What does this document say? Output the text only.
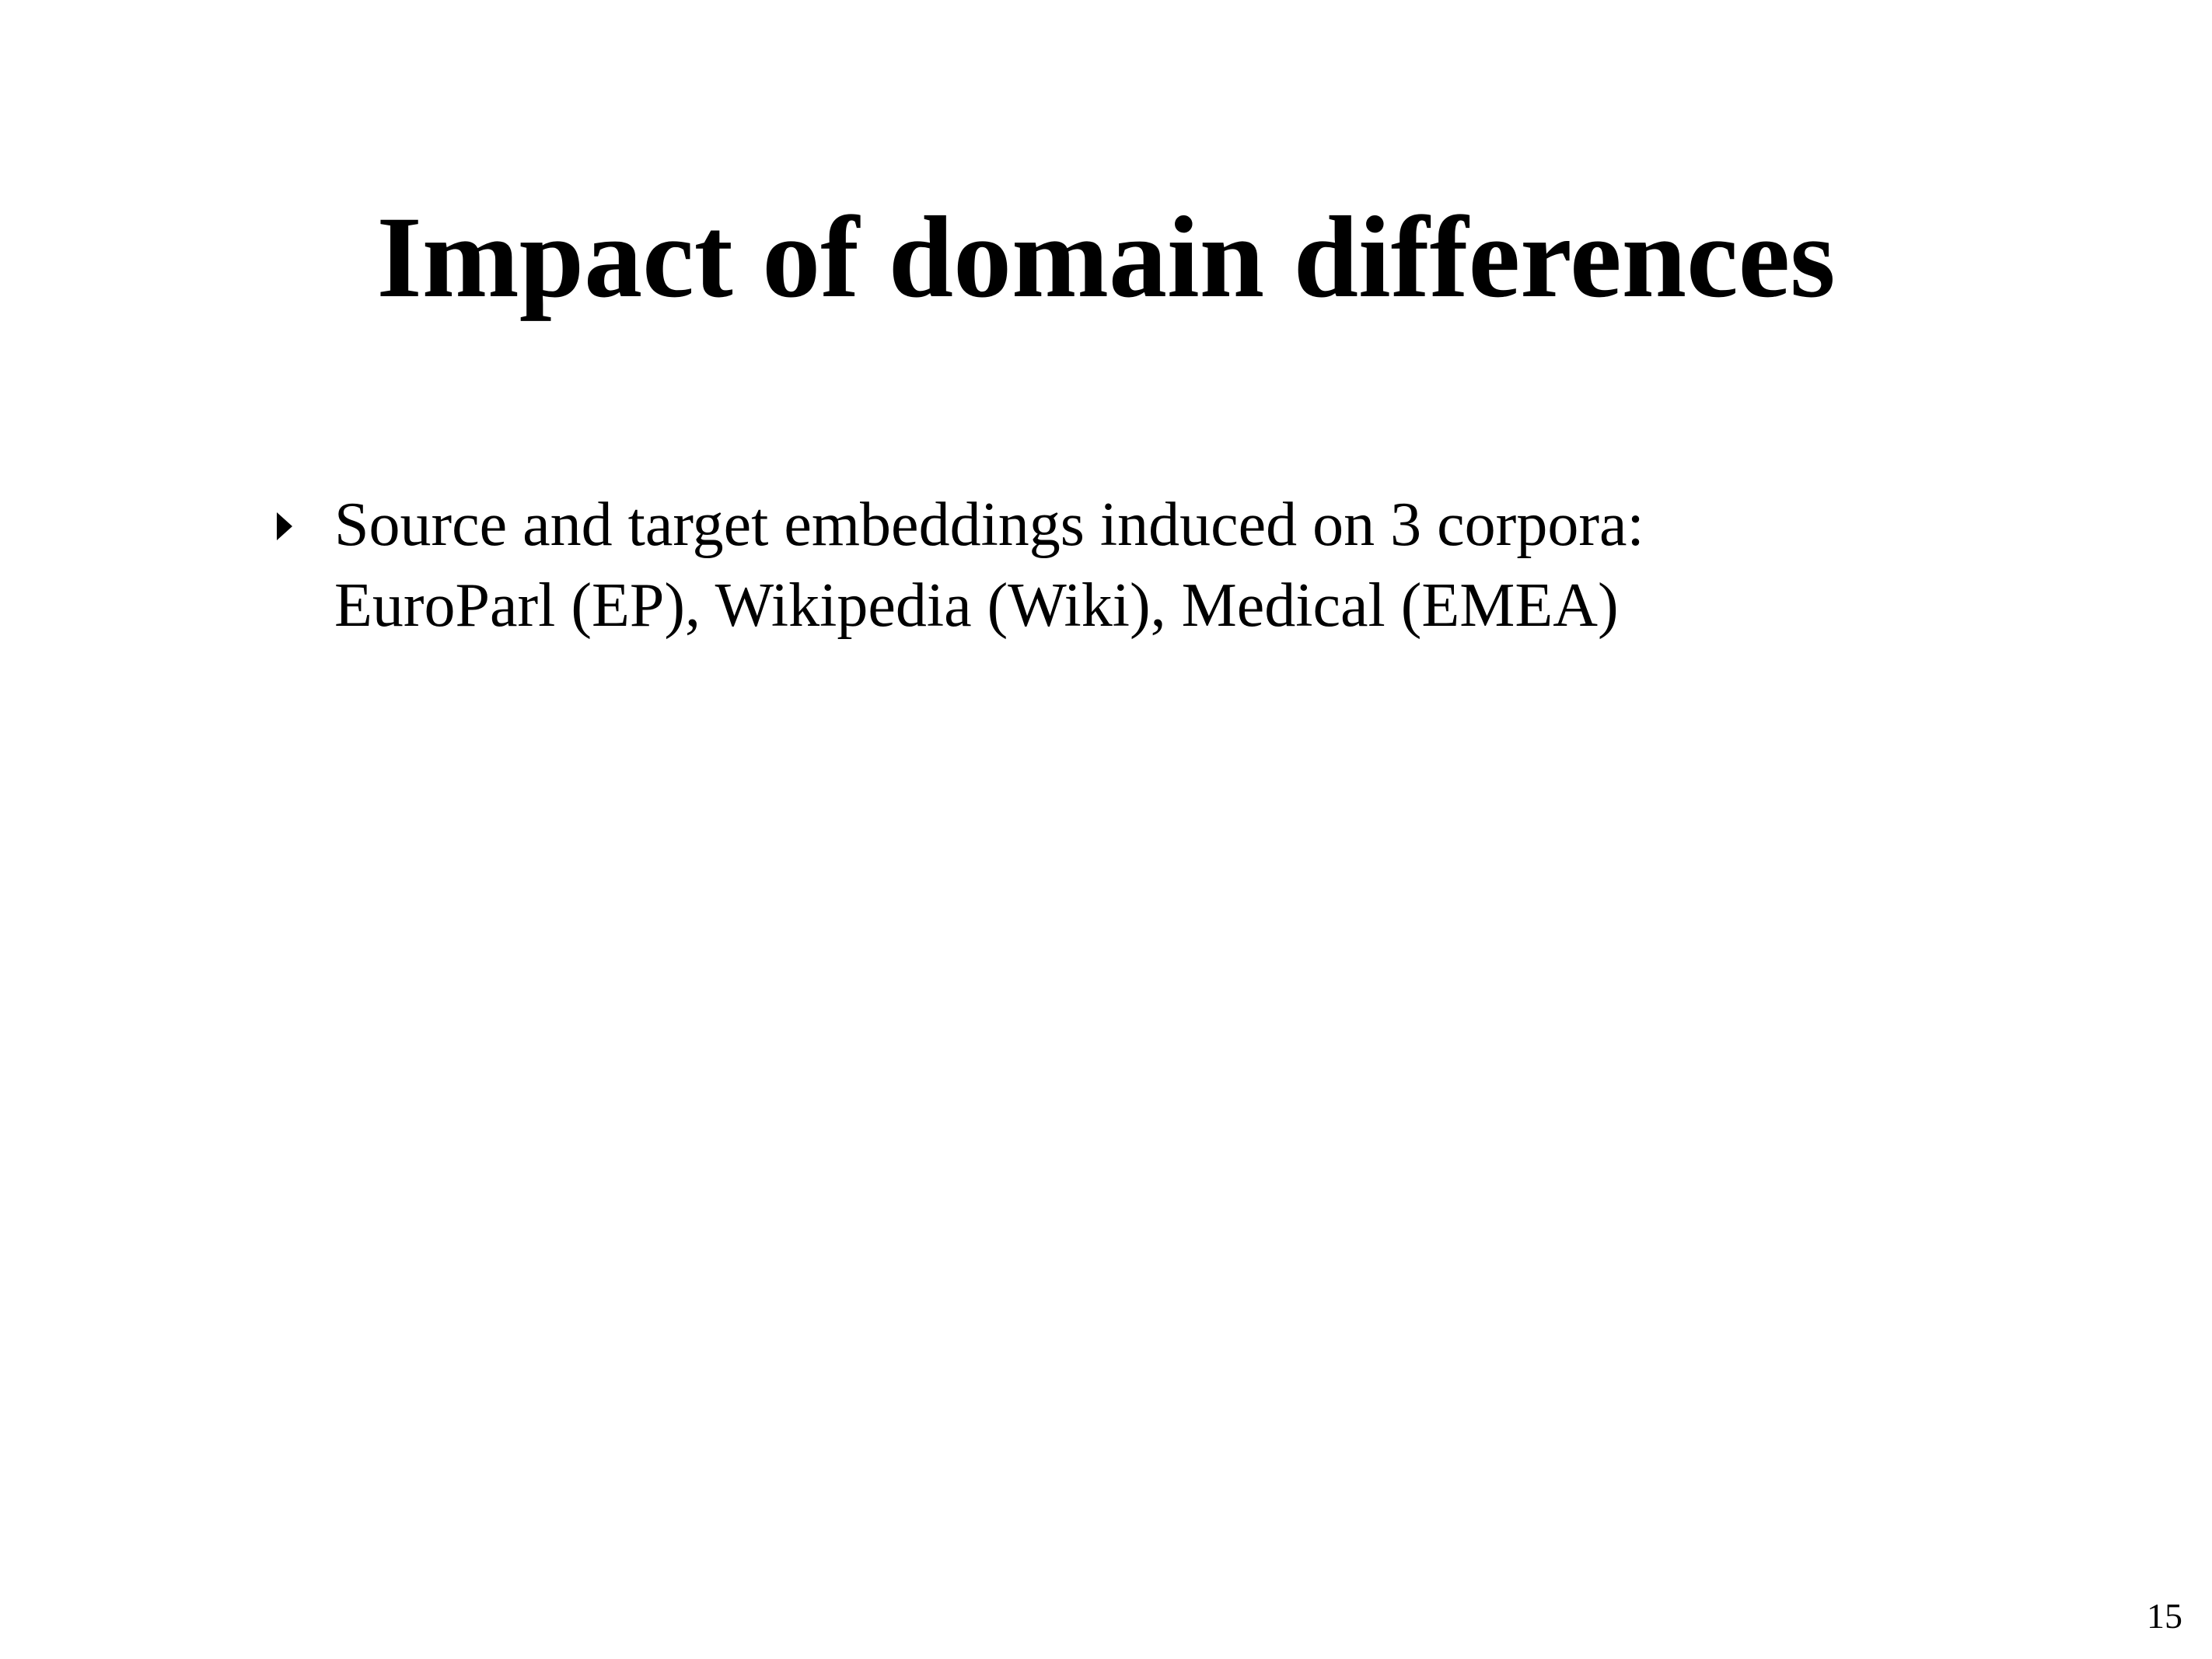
Impact of domain differences
Source and target embeddings induced on 3 corpora:
EuroParl (EP), Wikipedia (Wiki), Medical (EMEA)
15
